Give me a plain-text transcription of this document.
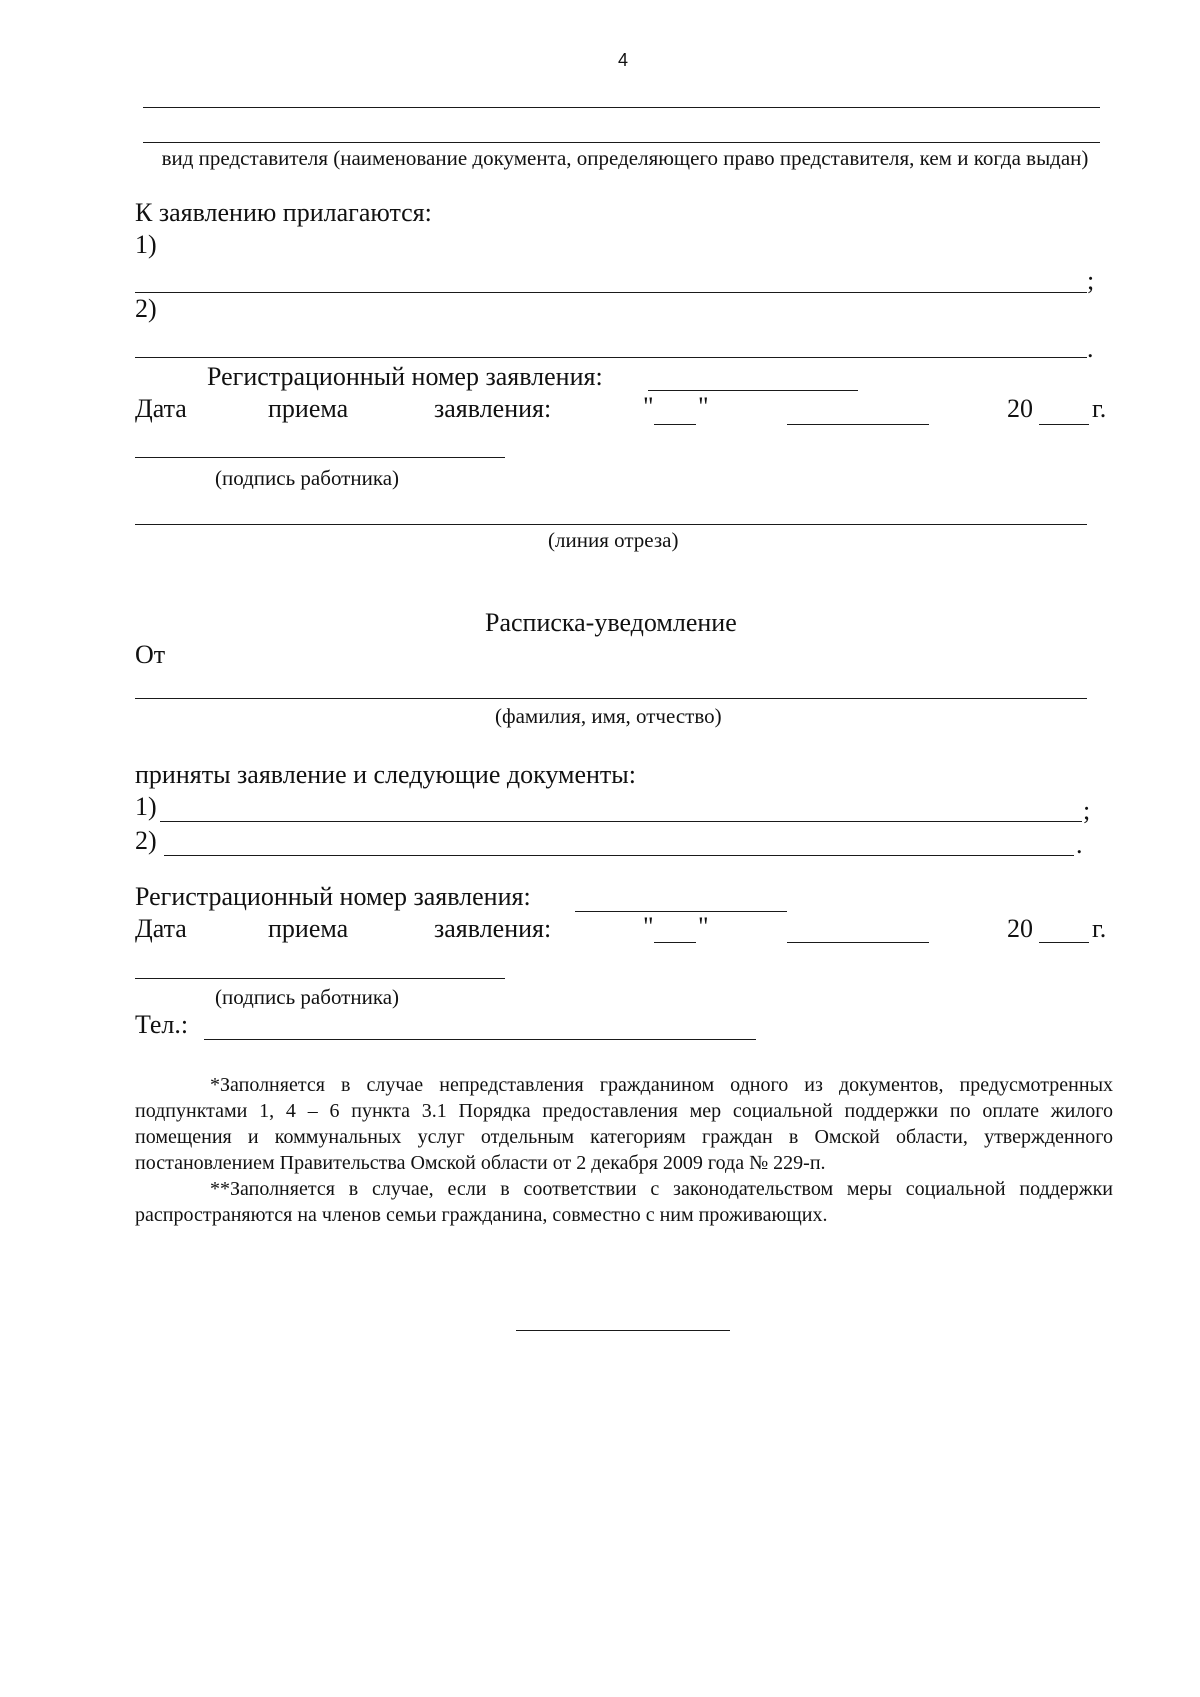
4
вид представителя (наименование документа, определяющего право представителя, кем и когда выдан)
К заявлению прилагаются:
1)
;
2)
.
Регистрационный номер заявления:
Дата	приема	заявления:	" "	20 г.
(подпись работника)
(линия отреза)
Расписка-уведомление
От
(фамилия, имя, отчество)
приняты заявление и следующие документы:
1)	;
2)	.
Регистрационный номер заявления:
Дата	приема	заявления:	" "	20 г.
(подпись работника)
Тел.:

*Заполняется в случае непредставления гражданином одного из документов, предусмотренных подпунктами 1, 4 – 6 пункта 3.1 Порядка предоставления мер социальной поддержки по оплате жилого помещения и коммунальных услуг отдельным категориям граждан в Омской области, утвержденного постановлением Правительства Омской области от 2 декабря 2009 года № 229-п.

**Заполняется в случае, если в соответствии с законодательством меры социальной поддержки распространяются на членов семьи гражданина, совместно с ним проживающих.
